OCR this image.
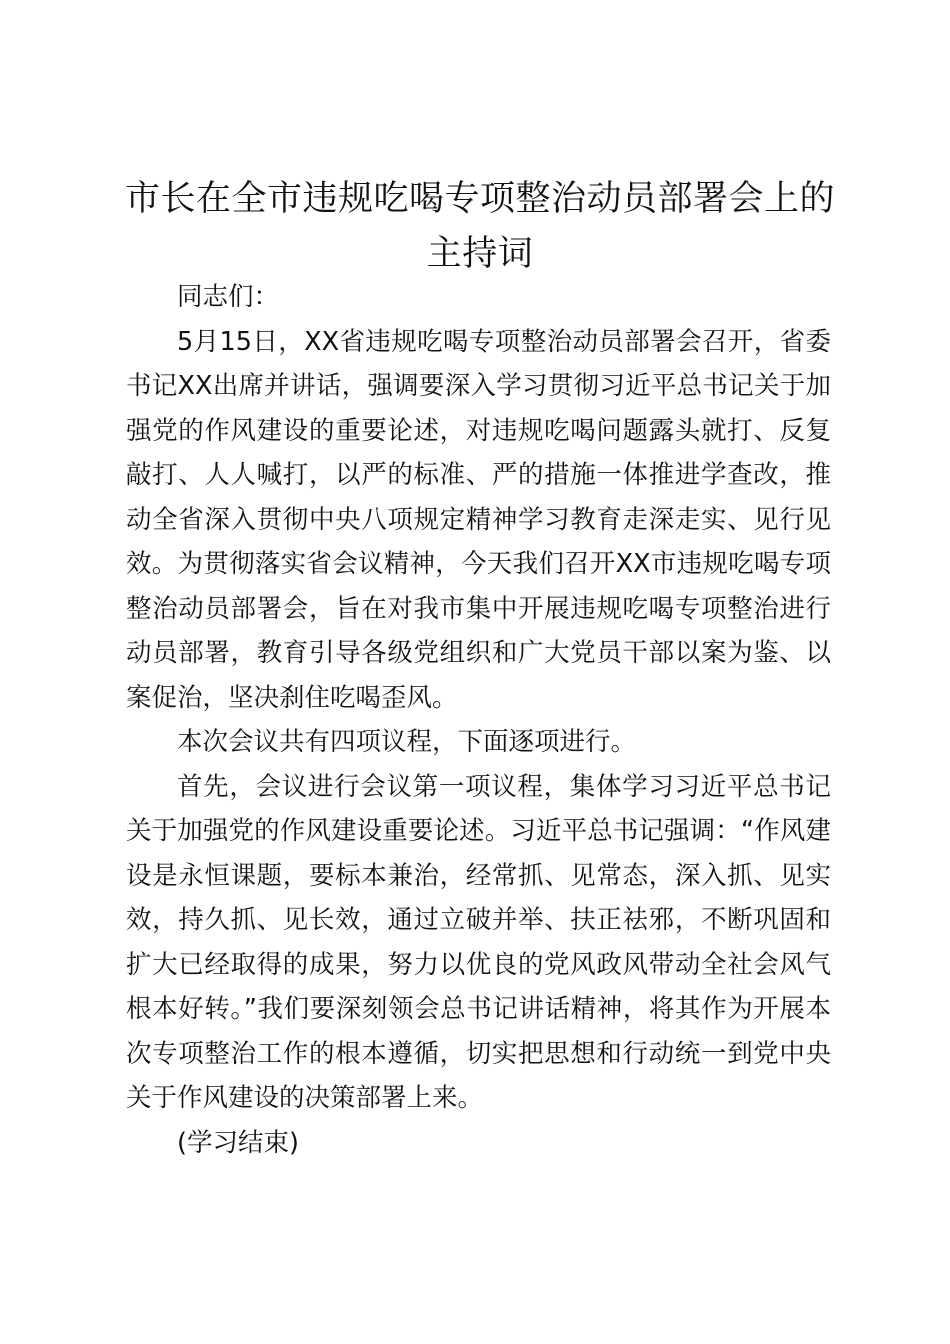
市长在全市违规吃喝专项整治动员部署会上的
主持词

同志们：

5月15日，XX省违规吃喝专项整治动员部署会召开，省委书记XX出席并讲话，强调要深入学习贯彻习近平总书记关于加强党的作风建设的重要论述，对违规吃喝问题露头就打、反复敲打、人人喊打，以严的标准、严的措施一体推进学查改，推动全省深入贯彻中央八项规定精神学习教育走深走实、见行见效。为贯彻落实省会议精神，今天我们召开XX市违规吃喝专项整治动员部署会，旨在对我市集中开展违规吃喝专项整治进行动员部署，教育引导各级党组织和广大党员干部以案为鉴、以案促治，坚决刹住吃喝歪风。

本次会议共有四项议程，下面逐项进行。

首先，会议进行会议第一项议程，集体学习习近平总书记关于加强党的作风建设重要论述。习近平总书记强调：“作风建设是永恒课题，要标本兼治，经常抓、见常态，深入抓、见实效，持久抓、见长效，通过立破并举、扶正祛邪，不断巩固和扩大已经取得的成果，努力以优良的党风政风带动全社会风气根本好转。”我们要深刻领会总书记讲话精神，将其作为开展本次专项整治工作的根本遵循，切实把思想和行动统一到党中央关于作风建设的决策部署上来。

(学习结束)
